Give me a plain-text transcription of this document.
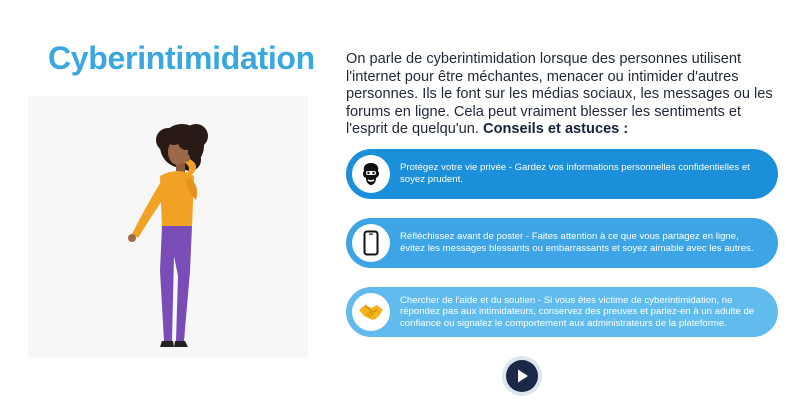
Cyberintimidation On parle de cyberintimidation lorsque des personnes utilisent l'internet pour être méchantes, menacer ou intimider d'autres personnes. Ils le font sur les médias sociaux, les messages ou les forums en ligne. Cela peut vraiment blesser les sentiments et l'esprit de quelqu'un. Conseils et astuces :

Protégez votre vie privée - Gardez vos informations personnelles confidentielles et soyez prudent.
Réfléchissez avant de poster - Faites attention à ce que vous partagez en ligne, évitez les messages blessants ou embarrassants et soyez aimable avec les autres.
Chercher de l'aide et du soutien - Si vous êtes victime de cyberintimidation, ne répondez pas aux intimidateurs, conservez des preuves et parlez-en à un adulte de confiance ou signalez le comportement aux administrateurs de la plateforme.
